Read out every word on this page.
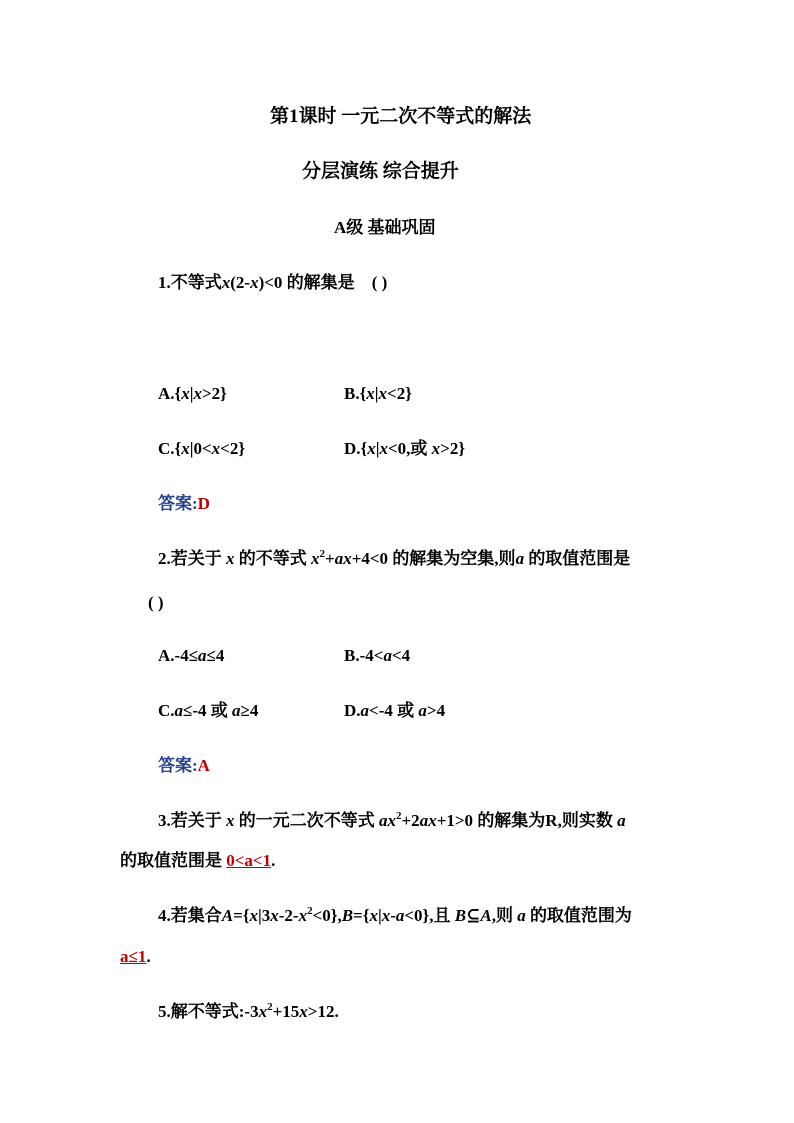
第1课时 一元二次不等式的解法
分层演练 综合提升
A级 基础巩固
1.不等式x(2-x)<0 的解集是 ( )
A.{x|x>2}	B.{x|x<2}
C.{x|0<x<2}	D.{x|x<0,或 x>2}
答案:D
2.若关于 x 的不等式 $x^2+ax+4<0$ 的解集为空集,则a 的取值范围是
( )
A.-4≤a≤4	B.-4<a<4
C.a≤-4 或 a≥4	D.a<-4 或 a>4
答案:A
3.若关于 x 的一元二次不等式 $ax^2+2ax+1>0$ 的解集为R,则实数 a
的取值范围是 0<a<1.
4.若集合$A=\{x|3x-2-x^2<0\},B=\{x|x-a<0\}$,且 B⊆A,则 a 的取值范围为
a≤1.
5.解不等式$:-3x^2+15x>12$.
